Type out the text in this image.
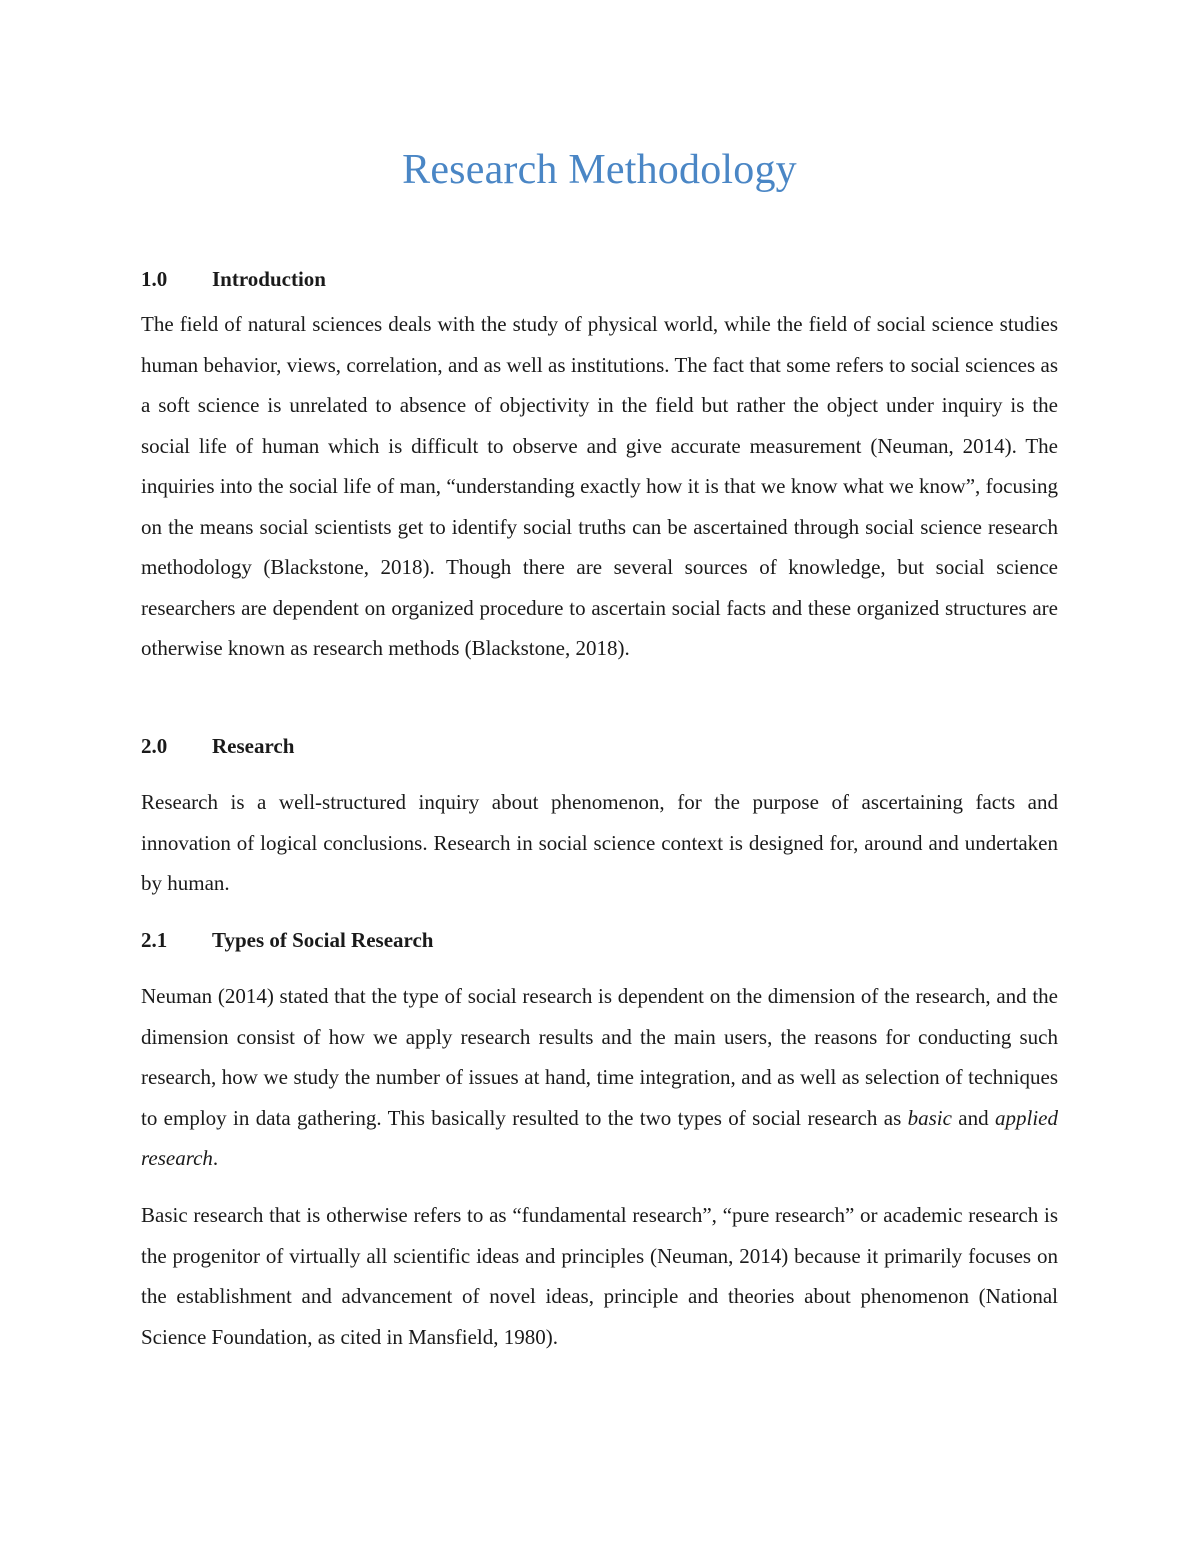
Research Methodology
1.0 Introduction

The field of natural sciences deals with the study of physical world, while the field of social science studies human behavior, views, correlation, and as well as institutions. The fact that some refers to social sciences as a soft science is unrelated to absence of objectivity in the field but rather the object under inquiry is the social life of human which is difficult to observe and give accurate measurement (Neuman, 2014). The inquiries into the social life of man, “understanding exactly how it is that we know what we know”, focusing on the means social scientists get to identify social truths can be ascertained through social science research methodology (Blackstone, 2018). Though there are several sources of knowledge, but social science researchers are dependent on organized procedure to ascertain social facts and these organized structures are otherwise known as research methods (Blackstone, 2018).

2.0 Research

Research is a well-structured inquiry about phenomenon, for the purpose of ascertaining facts and innovation of logical conclusions. Research in social science context is designed for, around and undertaken by human.

2.1 Types of Social Research

Neuman (2014) stated that the type of social research is dependent on the dimension of the research, and the dimension consist of how we apply research results and the main users, the reasons for conducting such research, how we study the number of issues at hand, time integration, and as well as selection of techniques to employ in data gathering. This basically resulted to the two types of social research as basic and applied research.

Basic research that is otherwise refers to as “fundamental research”, “pure research” or academic research is the progenitor of virtually all scientific ideas and principles (Neuman, 2014) because it primarily focuses on the establishment and advancement of novel ideas, principle and theories about phenomenon (National Science Foundation, as cited in Mansfield, 1980).
